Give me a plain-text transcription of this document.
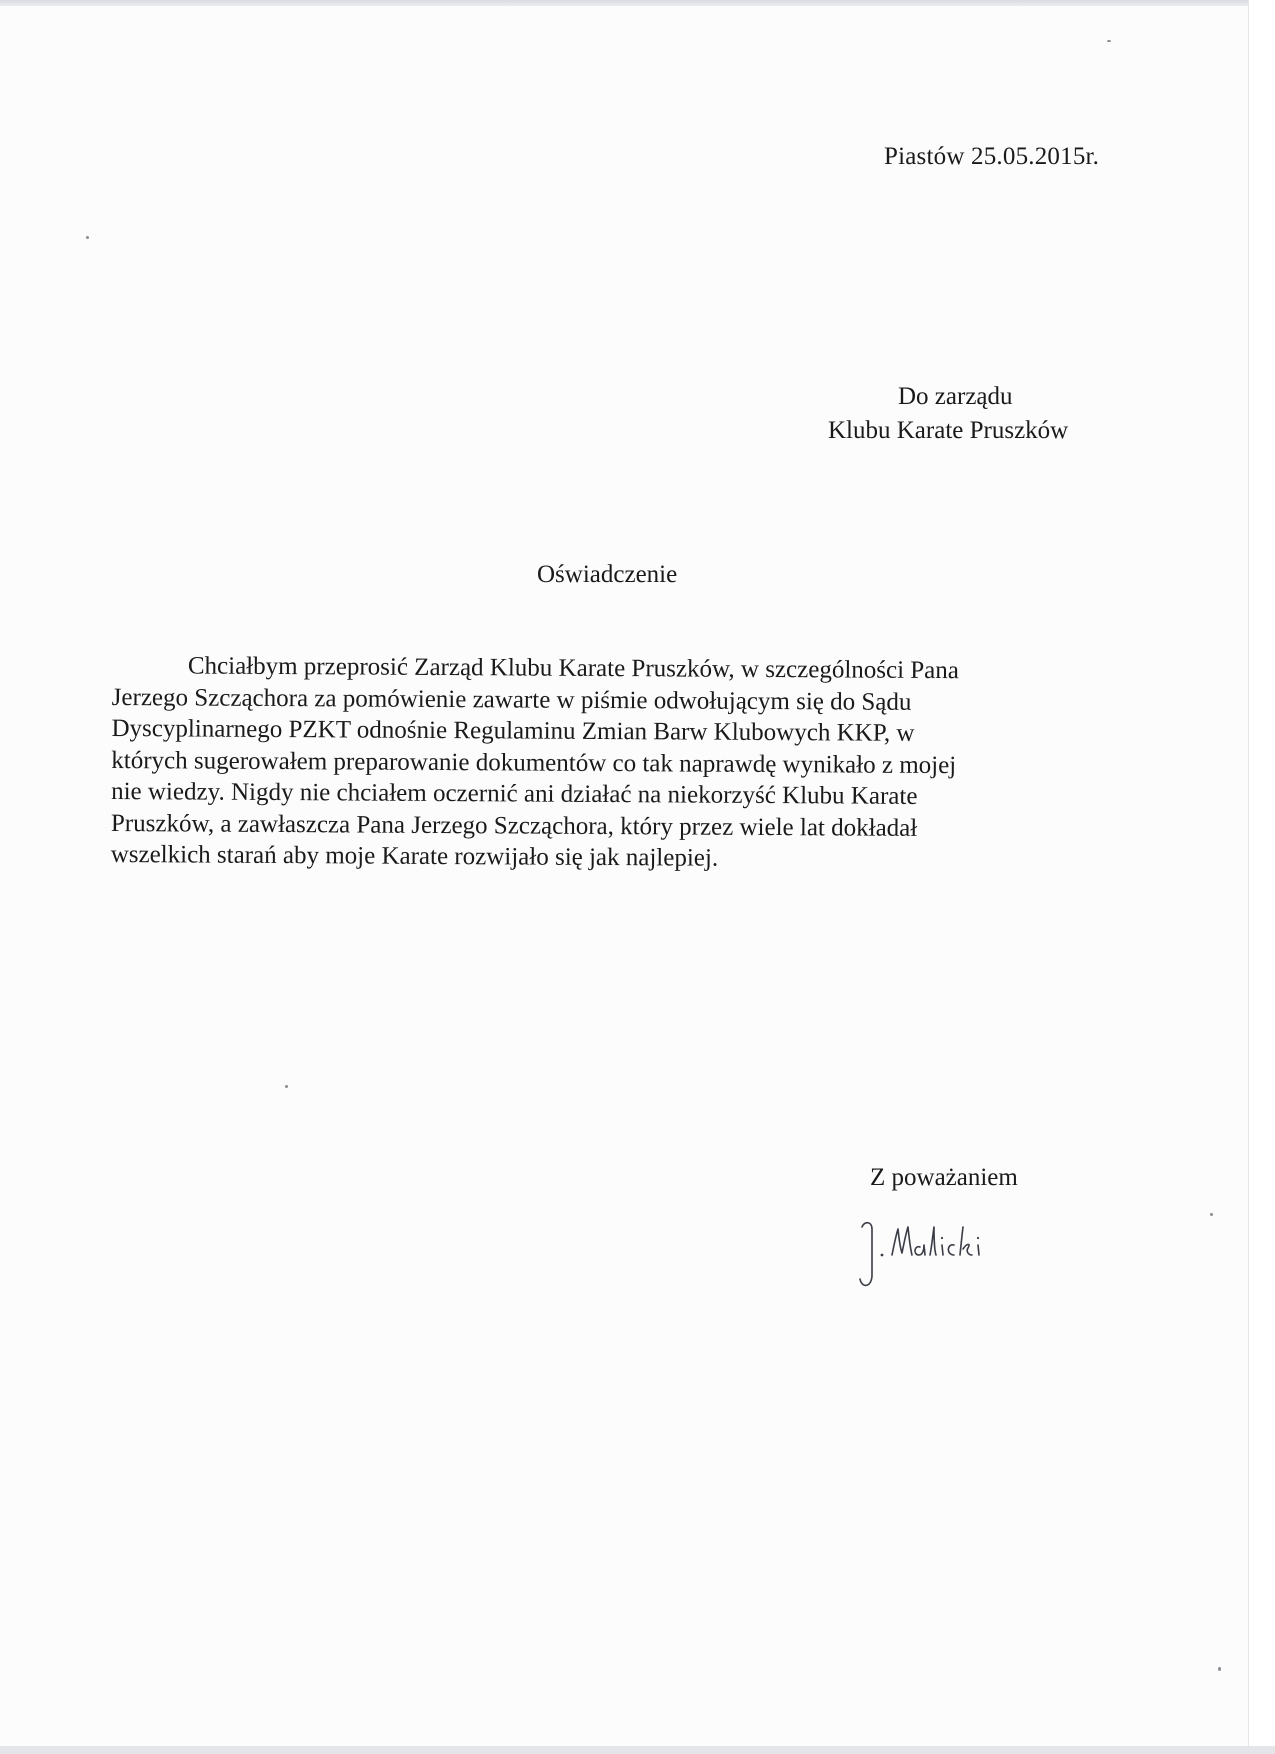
Piastów 25.05.2015r.
Do zarządu
Klubu Karate Pruszków
Oświadczenie
Chciałbym przeprosić Zarząd Klubu Karate Pruszków, w szczególności Pana
Jerzego Szcząchora za pomówienie zawarte w piśmie odwołującym się do Sądu
Dyscyplinarnego PZKT odnośnie Regulaminu Zmian Barw Klubowych KKP, w
których sugerowałem preparowanie dokumentów co tak naprawdę wynikało z mojej
nie wiedzy. Nigdy nie chciałem oczernić ani działać na niekorzyść Klubu Karate
Pruszków, a zawłaszcza Pana Jerzego Szcząchora, który przez wiele lat dokładał
wszelkich starań aby moje Karate rozwijało się jak najlepiej.
Z poważaniem
